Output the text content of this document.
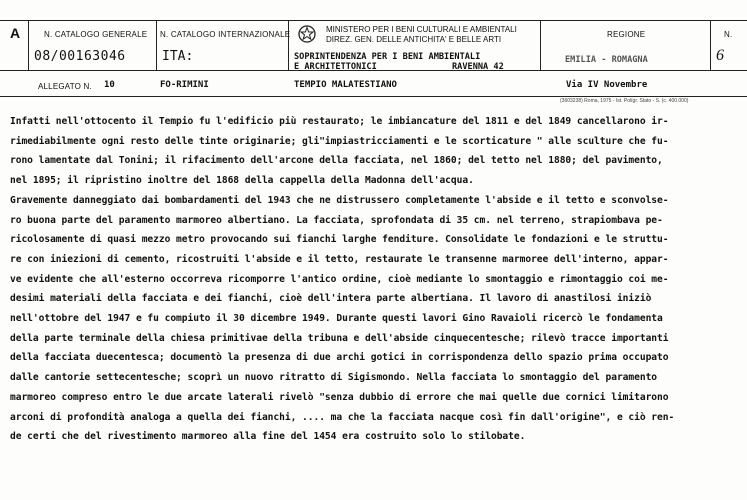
A	N. CATALOGO GENERALE
08/00163046
N. CATALOGO INTERNAZIONALE
ITA:
MINISTERO PER I BENI CULTURALI E AMBIENTALI
DIREZ. GEN. DELLE ANTICHITA' E BELLE ARTI
SOPRINTENDENZA PER I BENI AMBIENTALI
E ARCHITETTONICI	RAVENNA 42
REGIONE
EMILIA - ROMAGNA
N.
6
ALLEGATO N. 10	FO-RIMINI	TEMPIO MALATESTIANO	Via IV Novembre
(3603238) Roma, 1975 - Ist. Polígr. Stato - S. (c. 400.000)
Infatti nell'ottocento il Tempio fu l'edificio più restaurato; le imbiancature del 1811 e del 1849 cancellarono ir-
rimediabilmente ogni resto delle tinte originarie; gli"impiastricciamenti e le scorticature " alle sculture che fu-
rono lamentate dal Tonini; il rifacimento dell'arcone della facciata, nel 1860; del tetto nel 1880; del pavimento,
nel 1895; il ripristino inoltre del 1868 della cappella della Madonna dell'acqua.
Gravemente danneggiato dai bombardamenti del 1943 che ne distrussero completamente l'abside e il tetto e sconvolse-
ro buona parte del paramento marmoreo albertiano. La facciata, sprofondata di 35 cm. nel terreno, strapiombava pe-
ricolosamente di quasi mezzo metro provocando sui fianchi larghe fenditure. Consolidate le fondazioni e le struttu-
re con iniezioni di cemento, ricostruiti l'abside e il tetto, restaurate le transenne marmoree dell'interno, appar-
ve evidente che all'esterno occorreva ricomporre l'antico ordine, cioè mediante lo smontaggio e rimontaggio coi me-
desimi materiali della facciata e dei fianchi, cioè dell'intera parte albertiana. Il lavoro di anastilosi iniziò
nell'ottobre del 1947 e fu compiuto il 30 dicembre 1949. Durante questi lavori Gino Ravaioli ricercò le fondamenta
della parte terminale della chiesa primitivae della tribuna e dell'abside cinquecentesche; rilevò tracce importanti
della facciata duecentesca; documentò la presenza di due archi gotici in corrispondenza dello spazio prima occupato
dalle cantorie settecentesche; scoprì un nuovo ritratto di Sigismondo. Nella facciata lo smontaggio del paramento
marmoreo compreso entro le due arcate laterali rivelò "senza dubbio di errore che mai quelle due cornici limitarono
arconi di profondità analoga a quella dei fianchi, .... ma che la facciata nacque così fin dall'origine", e ciò ren-
de certi che del rivestimento marmoreo alla fine del 1454 era costruito solo lo stilobate.
